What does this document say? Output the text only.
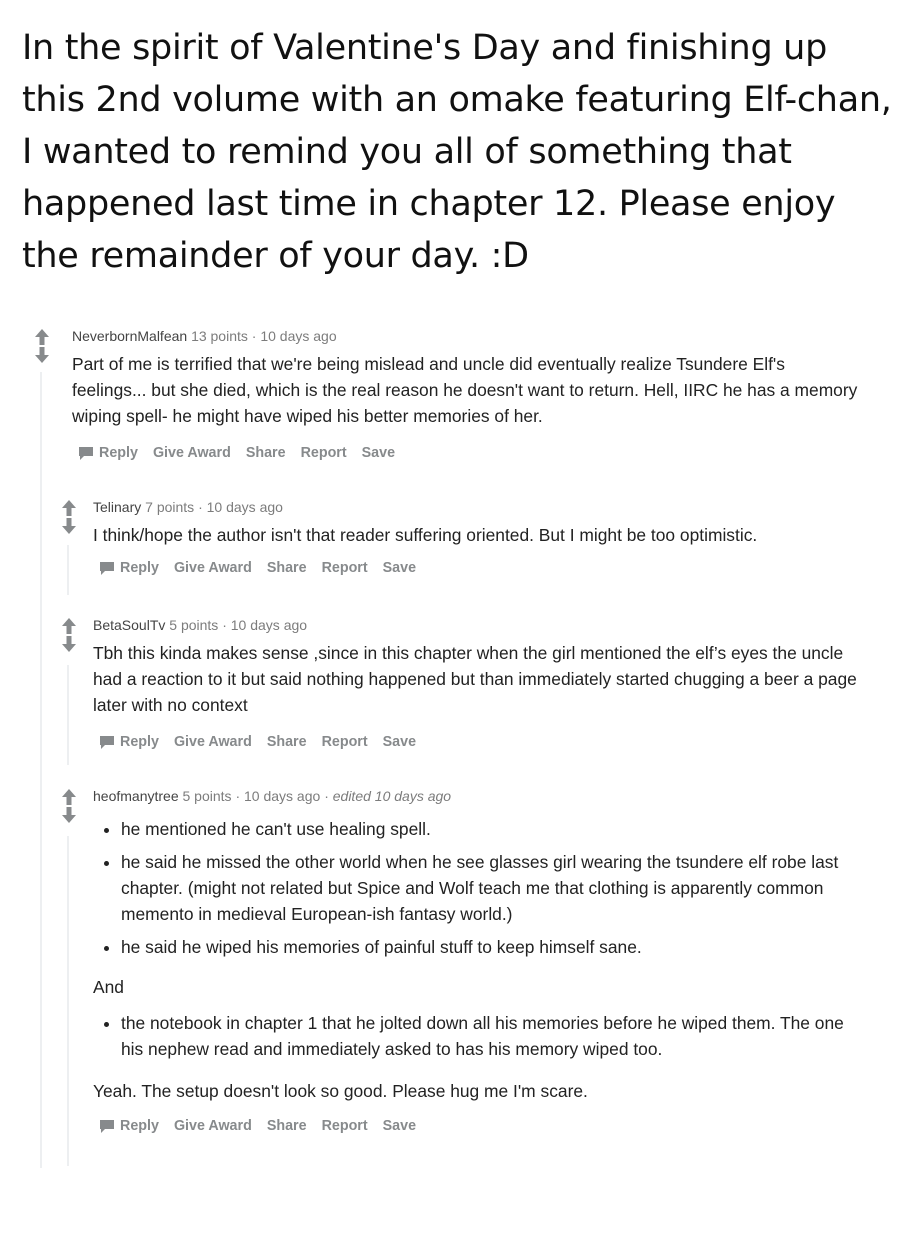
In the spirit of Valentine's Day and finishing up this 2nd volume with an omake featuring Elf-chan, I wanted to remind you all of something that happened last time in chapter 12. Please enjoy the remainder of your day. :D

NeverbornMalfean 13 points · 10 days ago

Part of me is terrified that we're being mislead and uncle did eventually realize Tsundere Elf's feelings... but she died, which is the real reason he doesn't want to return. Hell, IIRC he has a memory wiping spell- he might have wiped his better memories of her.

Reply Give Award Share Report Save
Telinary 7 points · 10 days ago

I think/hope the author isn't that reader suffering oriented. But I might be too optimistic.

Reply Give Award Share Report Save
BetaSoulTv 5 points · 10 days ago

Tbh this kinda makes sense ,since in this chapter when the girl mentioned the elf’s eyes the uncle had a reaction to it but said nothing happened but than immediately started chugging a beer a page later with no context

Reply Give Award Share Report Save
heofmanytree 5 points · 10 days ago · edited 10 days ago
• he mentioned he can't use healing spell.
• he said he missed the other world when he see glasses girl wearing the tsundere elf robe last chapter. (might not related but Spice and Wolf teach me that clothing is apparently common memento in medieval European-ish fantasy world.)
• he said he wiped his memories of painful stuff to keep himself sane.

And

• the notebook in chapter 1 that he jolted down all his memories before he wiped them. The one his nephew read and immediately asked to has his memory wiped too.

Yeah. The setup doesn't look so good. Please hug me I'm scare.

Reply Give Award Share Report Save
